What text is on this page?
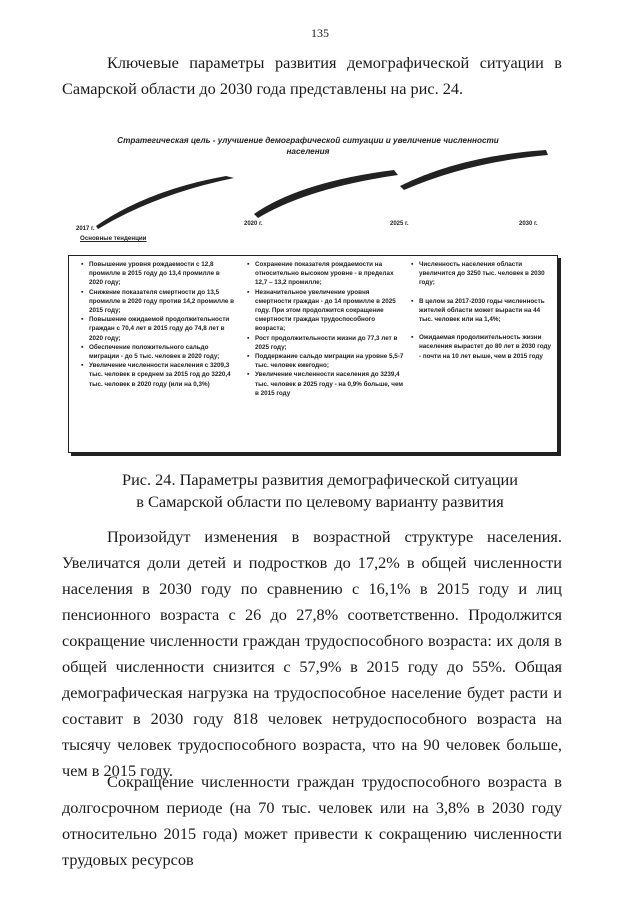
135

Ключевые параметры развития демографической ситуации в Самарской области до 2030 года представлены на рис. 24.

Стратегическая цель - улучшение демографической ситуации и увеличение численности
населения
2017 г.
2020 г.	2025 г.	2030 г.
Основные тенденции
▪ Повышение уровня рождаемости с 12,8 промилле в 2015 году до 13,4 промилле в 2020 году;
▪ Снижение показателя смертности до 13,5 промилле в 2020 году против 14,2 промилле в 2015 году;
▪ Повышение ожидаемой продолжительности граждан с 70,4 лет в 2015 году до 74,8 лет в 2020 году;
▪ Обеспечение положительного сальдо миграции - до 5 тыс. человек в 2020 году;
▪ Увеличение численности населения с 3209,3 тыс. человек в среднем за 2015 год до 3220,4 тыс. человек в 2020 году (или на 0,3%)
▪ Сохранение показателя рождаемости на относительно высоком уровне - в пределах 12,7 – 13,2 промилле;
▪ Незначительное увеличение уровня смертности граждан - до 14 промилле в 2025 году. При этом продолжится сокращение смертности граждан трудоспособного возраста;
▪ Рост продолжительности жизни до 77,3 лет в 2025 году;
▪ Поддержание сальдо миграции на уровне 5,5-7 тыс. человек ежегодно;
▪ Увеличение численности населения до 3239,4 тыс. человек в 2025 году - на 0,9% больше, чем в 2015 году
▪ Численность населения области увеличится до 3250 тыс. человек в 2030 году;
▪ В целом за 2017-2030 годы численность жителей области может вырасти на 44 тыс. человек или на 1,4%;
▪ Ожидаемая продолжительность жизни населения вырастет до 80 лет в 2030 году - почти на 10 лет выше, чем в 2015 году

Рис. 24. Параметры развития демографической ситуации
в Самарской области по целевому варианту развития

Произойдут изменения в возрастной структуре населения. Увеличатся доли детей и подростков до 17,2% в общей численности населения в 2030 году по сравнению с 16,1% в 2015 году и лиц пенсионного возраста с 26 до 27,8% соответственно. Продолжится сокращение численности граждан трудоспособного возраста: их доля в общей численности снизится с 57,9% в 2015 году до 55%. Общая демографическая нагрузка на трудоспособное население будет расти и составит в 2030 году 818 человек нетрудоспособного возраста на тысячу человек трудоспособного возраста, что на 90 человек больше, чем в 2015 году.

Сокращение численности граждан трудоспособного возраста в долгосрочном периоде (на 70 тыс. человек или на 3,8% в 2030 году относительно 2015 года) может привести к сокращению численности трудовых ресурсов
